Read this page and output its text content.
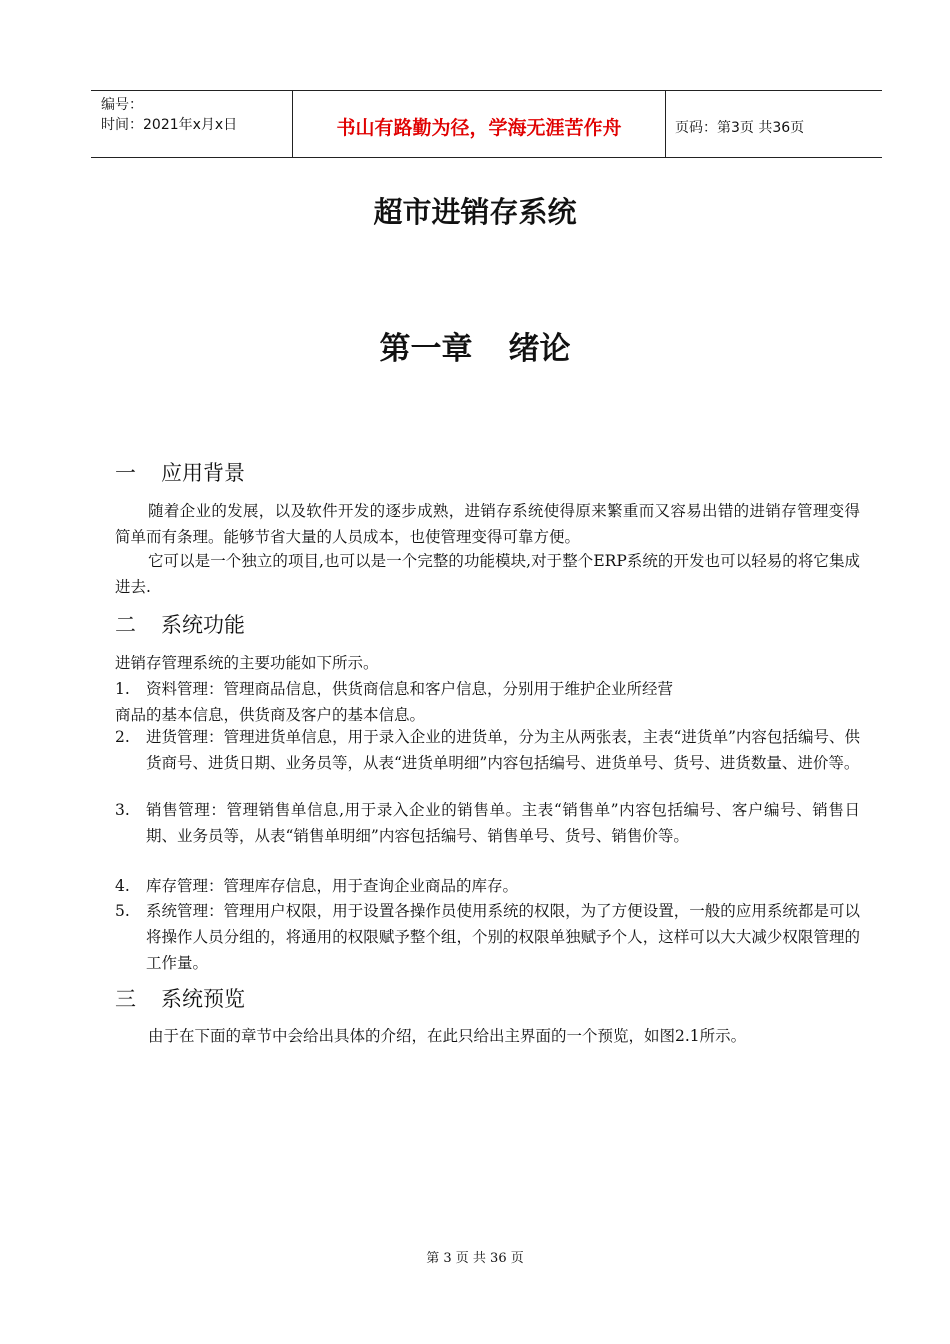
编号：
时间：2021年x月x日	书山有路勤为径，学海无涯苦作舟	页码：第3页 共36页
超市进销存系统
第一章 绪论
一 应用背景
随着企业的发展，以及软件开发的逐步成熟，进销存系统使得原来繁重而又容易出错的进销存管理变得简单而有条理。能够节省大量的人员成本，也使管理变得可靠方便。
它可以是一个独立的项目,也可以是一个完整的功能模块,对于整个ERP系统的开发也可以轻易的将它集成进去.
二 系统功能
进销存管理系统的主要功能如下所示。
1. 资料管理：管理商品信息，供货商信息和客户信息，分别用于维护企业所经营
商品的基本信息，供货商及客户的基本信息。
2. 进货管理：管理进货单信息，用于录入企业的进货单，分为主从两张表，主表“进货单”内容包括编号、供货商号、进货日期、业务员等，从表“进货单明细”内容包括编号、进货单号、货号、进货数量、进价等。
3. 销售管理：管理销售单信息,用于录入企业的销售单。主表“销售单”内容包括编号、客户编号、销售日期、业务员等，从表“销售单明细”内容包括编号、销售单号、货号、销售价等。
4. 库存管理：管理库存信息，用于查询企业商品的库存。
5. 系统管理：管理用户权限，用于设置各操作员使用系统的权限，为了方便设置，一般的应用系统都是可以将操作人员分组的，将通用的权限赋予整个组，个别的权限单独赋予个人，这样可以大大减少权限管理的工作量。
三 系统预览
由于在下面的章节中会给出具体的介绍，在此只给出主界面的一个预览，如图2.1所示。
第 3 页 共 36 页
